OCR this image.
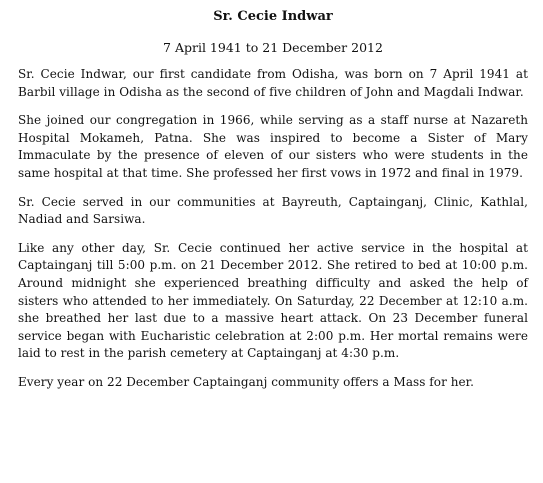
Sr. Cecie Indwar
7 April 1941 to 21 December 2012

Sr. Cecie Indwar, our first candidate from Odisha, was born on 7 April 1941 at Barbil village in Odisha as the second of five children of John and Magdali Indwar.

She joined our congregation in 1966, while serving as a staff nurse at Nazareth Hospital Mokameh, Patna. She was inspired to become a Sister of Mary Immaculate by the presence of eleven of our sisters who were students in the same hospital at that time. She professed her first vows in 1972 and final in 1979.

Sr. Cecie served in our communities at Bayreuth, Captainganj, Clinic, Kathlal, Nadiad and Sarsiwa.

Like any other day, Sr. Cecie continued her active service in the hospital at Captainganj till 5:00 p.m. on 21 December 2012. She retired to bed at 10:00 p.m. Around midnight she experienced breathing difficulty and asked the help of sisters who attended to her immediately. On Saturday, 22 December at 12:10 a.m. she breathed her last due to a massive heart attack. On 23 December funeral service began with Eucharistic celebration at 2:00 p.m. Her mortal remains were laid to rest in the parish cemetery at Captainganj at 4:30 p.m.

Every year on 22 December Captainganj community offers a Mass for her.
